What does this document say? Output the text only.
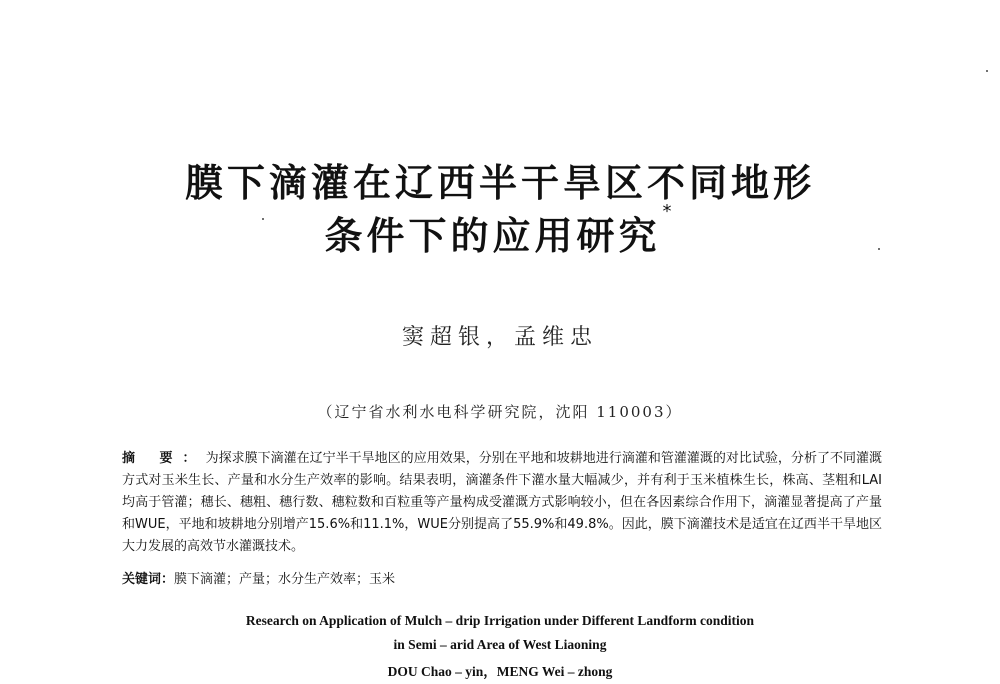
膜下滴灌在辽西半干旱区不同地形
条件下的应用研究*
窦超银，孟维忠
（辽宁省水利水电科学研究院，沈阳 110003）
摘 要：为探求膜下滴灌在辽宁半干旱地区的应用效果，分别在平地和坡耕地进行滴灌和管灌灌溉的对比试验，分析了不同灌溉方式对玉米生长、产量和水分生产效率的影响。结果表明，滴灌条件下灌水量大幅减少，并有利于玉米植株生长，株高、茎粗和LAI均高于管灌；穗长、穗粗、穗行数、穗粒数和百粒重等产量构成受灌溉方式影响较小，但在各因素综合作用下，滴灌显著提高了产量和WUE，平地和坡耕地分别增产15.6%和11.1%，WUE分别提高了55.9%和49.8%。因此，膜下滴灌技术是适宜在辽西半干旱地区大力发展的高效节水灌溉技术。
关键词：膜下滴灌；产量；水分生产效率；玉米
Research on Application of Mulch – drip Irrigation under Different Landform condition
in Semi – arid Area of West Liaoning
DOU Chao – yin，MENG Wei – zhong
